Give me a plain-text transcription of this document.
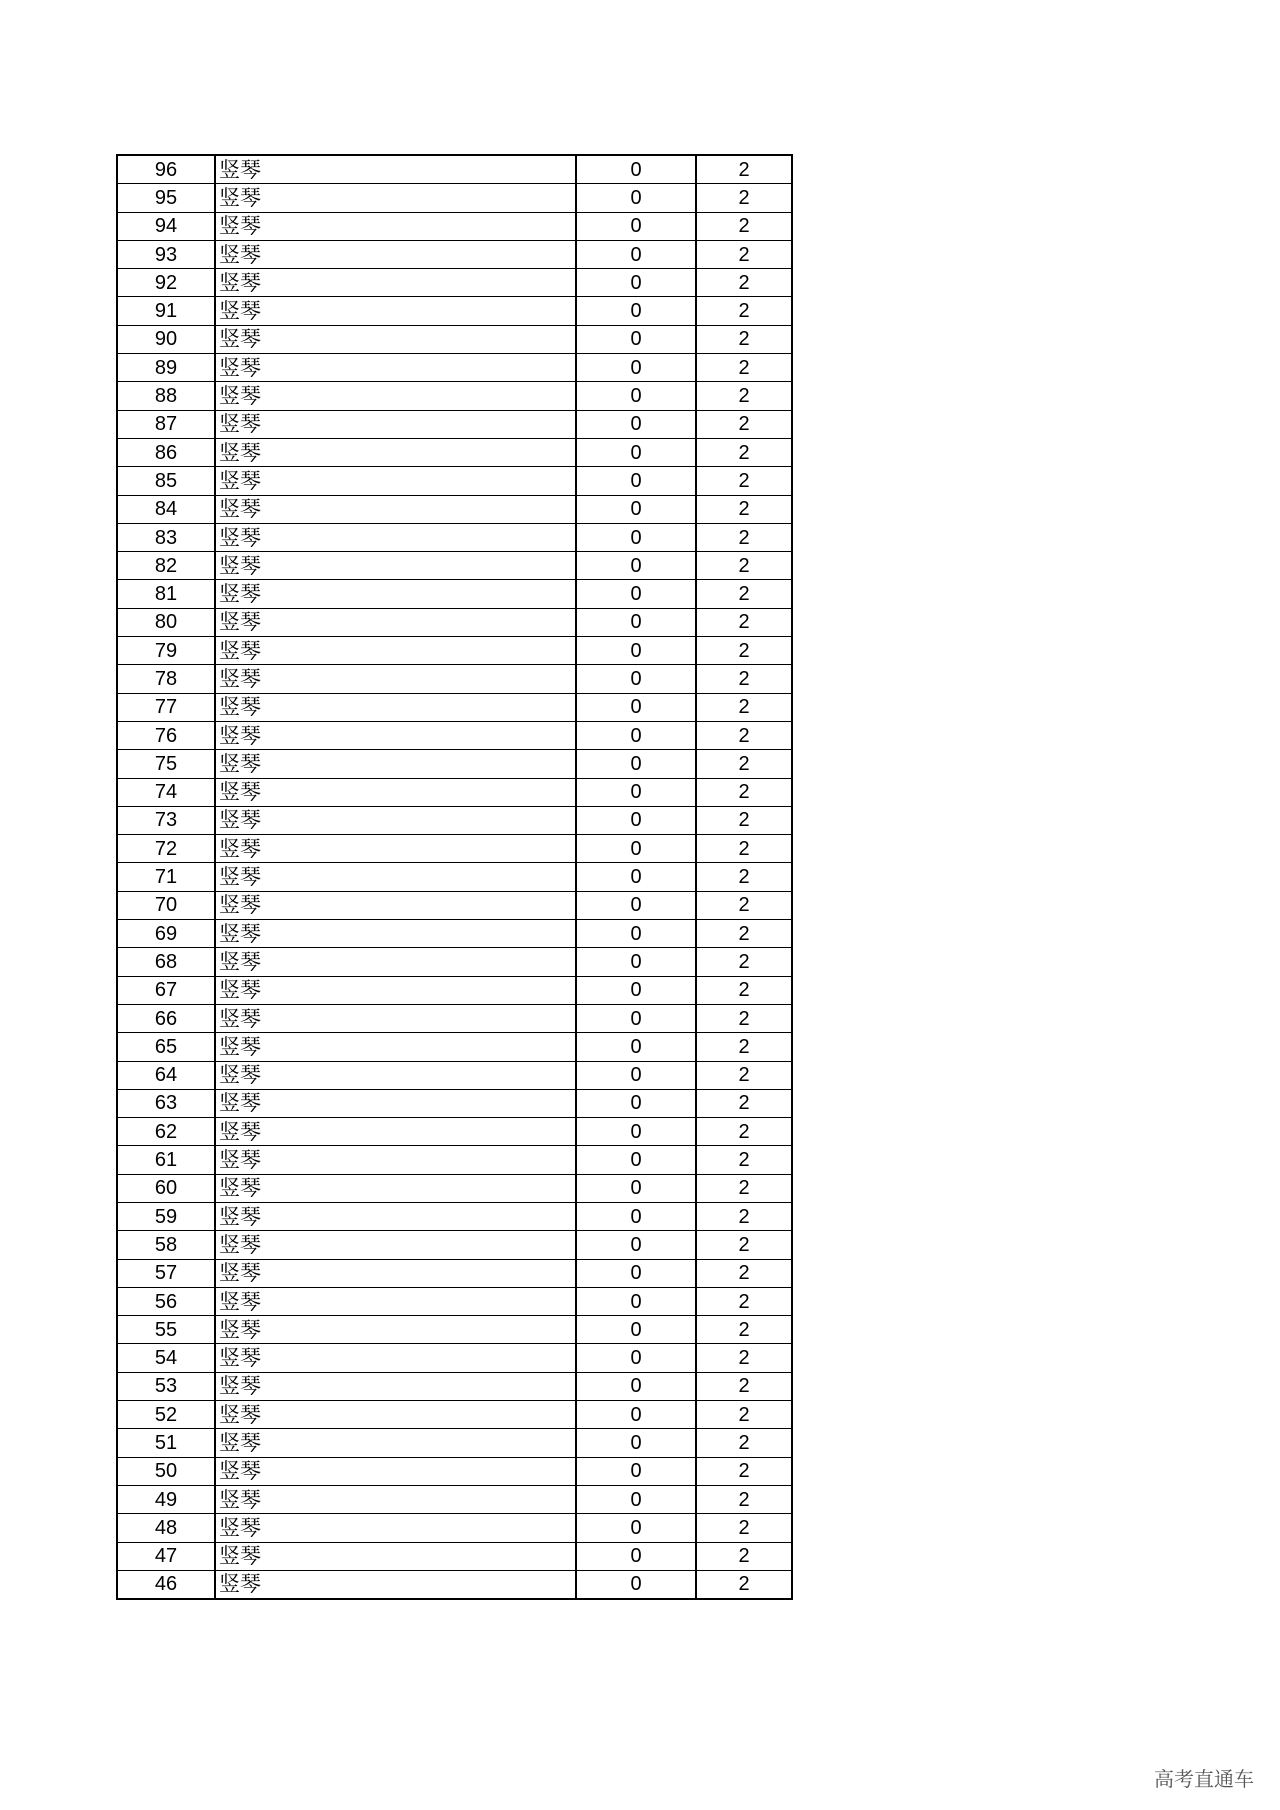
96	竖琴	0	2
95	竖琴	0	2
94	竖琴	0	2
93	竖琴	0	2
92	竖琴	0	2
91	竖琴	0	2
90	竖琴	0	2
89	竖琴	0	2
88	竖琴	0	2
87	竖琴	0	2
86	竖琴	0	2
85	竖琴	0	2
84	竖琴	0	2
83	竖琴	0	2
82	竖琴	0	2
81	竖琴	0	2
80	竖琴	0	2
79	竖琴	0	2
78	竖琴	0	2
77	竖琴	0	2
76	竖琴	0	2
75	竖琴	0	2
74	竖琴	0	2
73	竖琴	0	2
72	竖琴	0	2
71	竖琴	0	2
70	竖琴	0	2
69	竖琴	0	2
68	竖琴	0	2
67	竖琴	0	2
66	竖琴	0	2
65	竖琴	0	2
64	竖琴	0	2
63	竖琴	0	2
62	竖琴	0	2
61	竖琴	0	2
60	竖琴	0	2
59	竖琴	0	2
58	竖琴	0	2
57	竖琴	0	2
56	竖琴	0	2
55	竖琴	0	2
54	竖琴	0	2
53	竖琴	0	2
52	竖琴	0	2
51	竖琴	0	2
50	竖琴	0	2
49	竖琴	0	2
48	竖琴	0	2
47	竖琴	0	2
46	竖琴	0	2
高考直通车
